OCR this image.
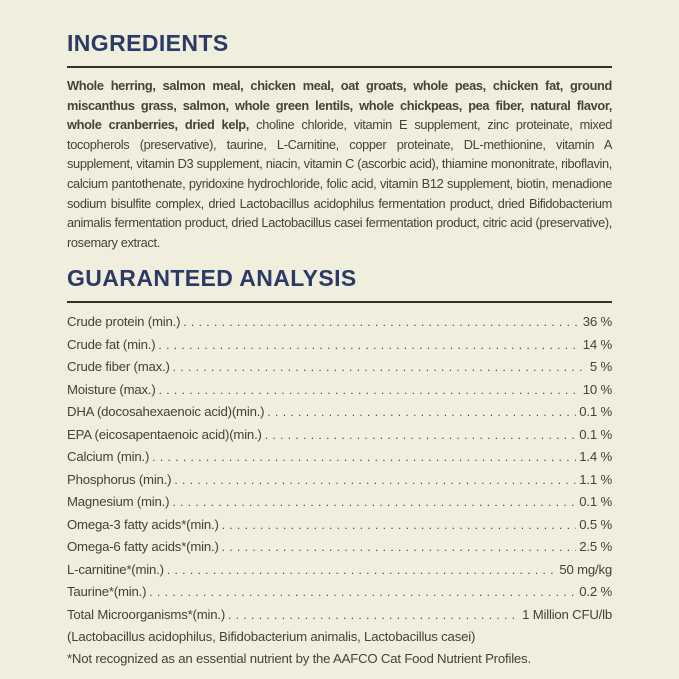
INGREDIENTS

Whole herring, salmon meal, chicken meal, oat groats, whole peas, chicken fat, ground miscanthus grass, salmon, whole green lentils, whole chickpeas, pea fiber, natural flavor, whole cranberries, dried kelp, choline chloride, vitamin E supplement, zinc proteinate, mixed tocopherols (preservative), taurine, L-Carnitine, copper proteinate, DL-methionine, vitamin A supplement, vitamin D3 supplement, niacin, vitamin C (ascorbic acid), thiamine mononitrate, riboflavin, calcium pantothenate, pyridoxine hydrochloride, folic acid, vitamin B12 supplement, biotin, menadione sodium bisulfite complex, dried Lactobacillus acidophilus fermentation product, dried Bifidobacterium animalis fermentation product, dried Lactobacillus casei fermentation product, citric acid (preservative), rosemary extract.

GUARANTEED ANALYSIS
Crude protein (min.) . . .	36 %
Crude fat (min.) . . .	14 %
Crude fiber (max.) . . .	5 %
Moisture (max.) . . .	10 %
DHA (docosahexaenoic acid)(min.) . . .	0.1 %
EPA (eicosapentaenoic acid)(min.) . . .	0.1 %
Calcium (min.) . . .	1.4 %
Phosphorus (min.) . . .	1.1 %
Magnesium (min.) . . .	0.1 %
Omega-3 fatty acids*(min.) . . .	0.5 %
Omega-6 fatty acids*(min.) . . .	2.5 %
L-carnitine*(min.) . . .	50 mg/kg
Taurine*(min.) . . .	0.2 %
Total Microorganisms*(min.) . . .	1 Million CFU/lb
(Lactobacillus acidophilus, Bifidobacterium animalis, Lactobacillus casei)
*Not recognized as an essential nutrient by the AAFCO Cat Food Nutrient Profiles.
